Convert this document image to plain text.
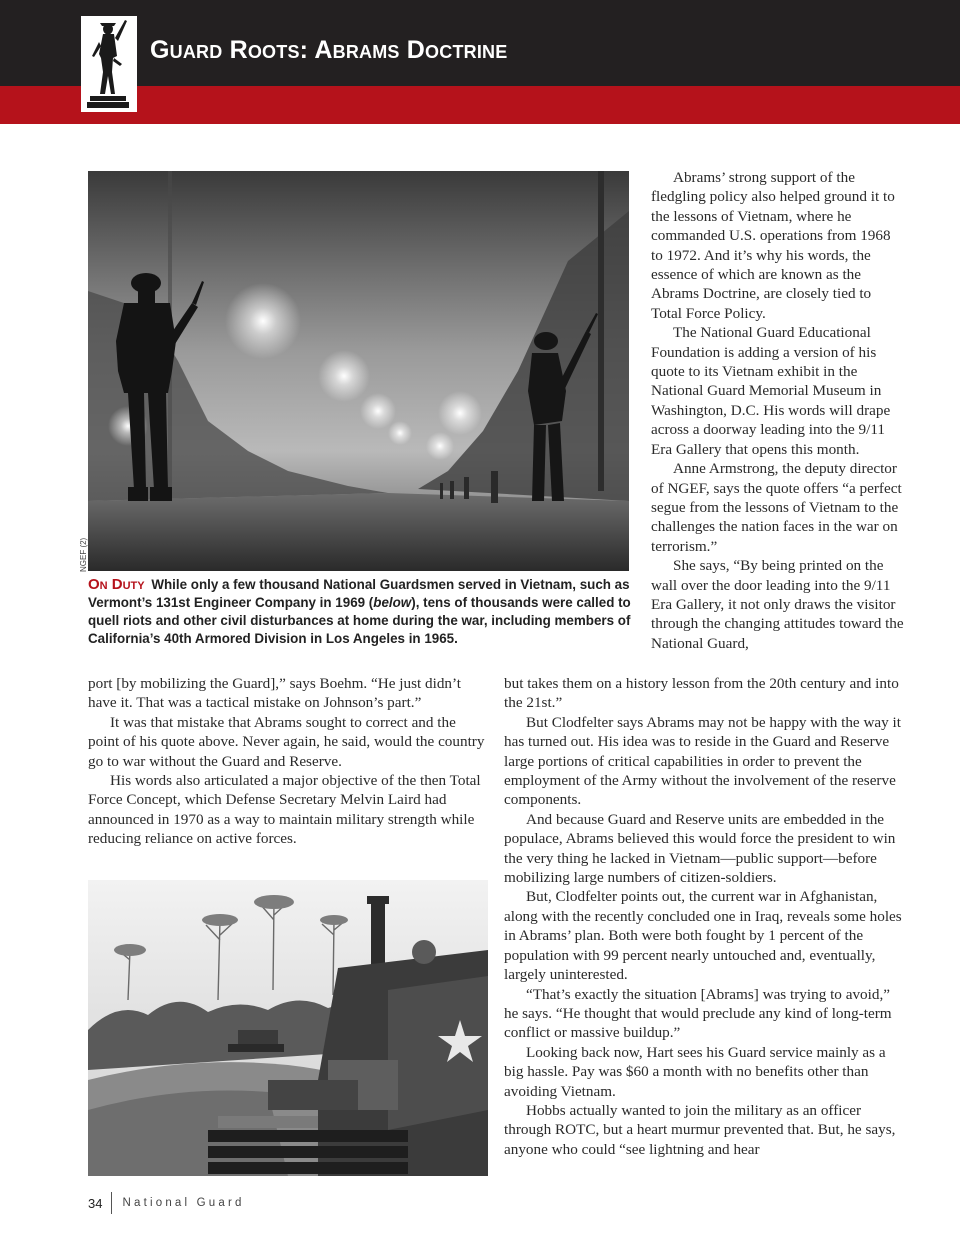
Guard Roots: Abrams Doctrine
NGEF (2)

On Duty While only a few thousand National Guardsmen served in Vietnam, such as Vermont’s 131st Engineer Company in 1969 (below), tens of thousands were called to quell riots and other civil disturbances at home during the war, including members of California’s 40th Armored Division in Los Angeles in 1965.

Abrams’ strong support of the fledgling policy also helped ground it to the lessons of Vietnam, where he commanded U.S. operations from 1968 to 1972. And it’s why his words, the essence of which are known as the Abrams Doctrine, are closely tied to Total Force Policy.

The National Guard Educational Foundation is adding a version of his quote to its Vietnam exhibit in the National Guard Memorial Museum in Washington, D.C. His words will drape across a doorway leading into the 9/11 Era Gallery that opens this month.

Anne Armstrong, the deputy director of NGEF, says the quote offers “a perfect segue from the lessons of Vietnam to the challenges the nation faces in the war on terrorism.”

She says, “By being printed on the wall over the door leading into the 9/11 Era Gallery, it not only draws the visitor through the changing attitudes toward the National Guard,

port [by mobilizing the Guard],” says Boehm. “He just didn’t have it. That was a tactical mistake on Johnson’s part.”

It was that mistake that Abrams sought to correct and the point of his quote above. Never again, he said, would the country go to war without the Guard and Reserve.

His words also articulated a major objective of the then Total Force Concept, which Defense Secretary Melvin Laird had announced in 1970 as a way to maintain military strength while reducing reliance on active forces.

but takes them on a history lesson from the 20th century and into the 21st.”

But Clodfelter says Abrams may not be happy with the way it has turned out. His idea was to reside in the Guard and Reserve large portions of critical capabilities in order to prevent the employment of the Army without the involvement of the reserve components.

And because Guard and Reserve units are embedded in the populace, Abrams believed this would force the president to win the very thing he lacked in Vietnam—public support—before mobilizing large numbers of citizen-soldiers.

But, Clodfelter points out, the current war in Afghanistan, along with the recently concluded one in Iraq, reveals some holes in Abrams’ plan. Both were both fought by 1 percent of the population with 99 percent nearly untouched and, eventually, largely uninterested.

“That’s exactly the situation [Abrams] was trying to avoid,” he says. “He thought that would preclude any kind of long-term conflict or massive buildup.”

Looking back now, Hart sees his Guard service mainly as a big hassle. Pay was $60 a month with no benefits other than avoiding Vietnam.

Hobbs actually wanted to join the military as an officer through ROTC, but a heart murmur prevented that. But, he says, anyone who could “see lightning and hear

34 National Guard
